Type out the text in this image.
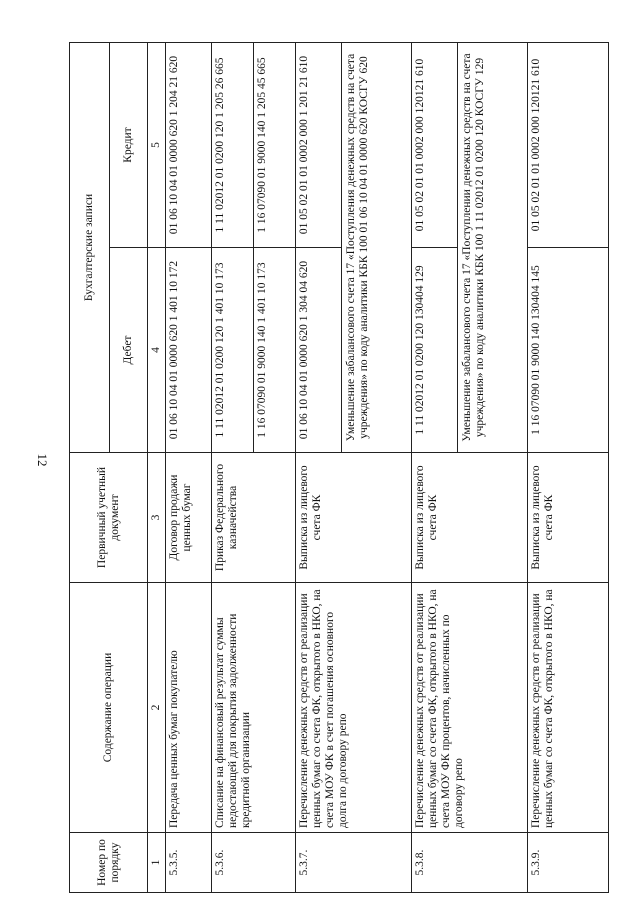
12
Номер по порядку	Содержание операции	Первичный учетный документ	Бухгалтерские записи	
			Дебет	Кредит
1	2	3	4	5
5.3.5.	Передача ценных бумаг покупателю	Договор продажи ценных бумаг	01 06 10 04 01 0000 620 1 401 10 172	01 06 10 04 01 0000 620 1 204 21 620
5.3.6.	Списание на финансовый результат суммы недостающей для покрытия задолженности кредитной организации	Приказ Федерального казначейства	1 11 02012 01 0200 120 1 401 10 173	1 11 02012 01 0200 120 1 205 26 665
			1 16 07090 01 9000 140 1 401 10 173	1 16 07090 01 9000 140 1 205 45 665
5.3.7.	Перечисление денежных средств от реализации ценных бумаг со счета ФК, открытого в НКО, на счета МОУ ФК в счет погашения основного долга по договору репо	Выписка из лицевого счета ФК	01 06 10 04 01 0000 620 1 304 04 620	01 05 02 01 01 0002 000 1 201 21 610
			Уменьшение забалансового счета 17 «Поступления денежных средств на счета учреждения» по коду аналитики КБК 100 01 06 10 04 01 0000 620 КОСГУ 620	
5.3.8.	Перечисление денежных средств от реализации ценных бумаг со счета ФК, открытого в НКО, на счета МОУ ФК процентов, начисленных по договору репо	Выписка из лицевого счета ФК	1 11 02012 01 0200 120 130404 129	01 05 02 01 01 0002 000 120121 610
			Уменьшение забалансового счета 17 «Поступлении денежных средств на счета учреждения» по коду аналитики КБК 100 1 11 02012 01 0200 120 КОСГУ 129	
5.3.9.	Перечисление денежных средств от реализации ценных бумаг со счета ФК, открытого в НКО, на	Выписка из лицевого счета ФК	1 16 07090 01 9000 140 130404 145	01 05 02 01 01 0002 000 120121 610
